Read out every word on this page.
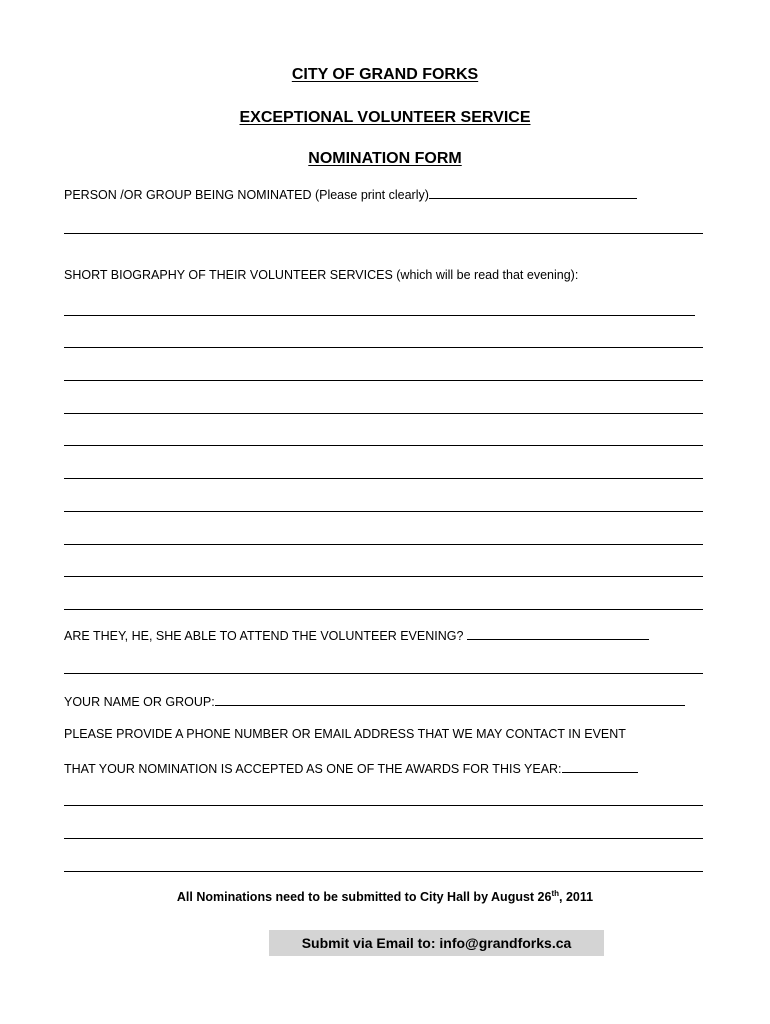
CITY OF GRAND FORKS
EXCEPTIONAL VOLUNTEER SERVICE
NOMINATION FORM
PERSON /OR GROUP BEING NOMINATED (Please print clearly)
SHORT BIOGRAPHY OF THEIR VOLUNTEER SERVICES (which will be read that evening):
ARE THEY, HE, SHE ABLE TO ATTEND THE VOLUNTEER EVENING?
YOUR NAME OR GROUP:
PLEASE PROVIDE A PHONE NUMBER OR EMAIL ADDRESS THAT WE MAY CONTACT IN EVENT
THAT YOUR NOMINATION IS ACCEPTED AS ONE OF THE AWARDS FOR THIS YEAR:
All Nominations need to be submitted to City Hall by August 26th, 2011
Submit via Email to: info@grandforks.ca
